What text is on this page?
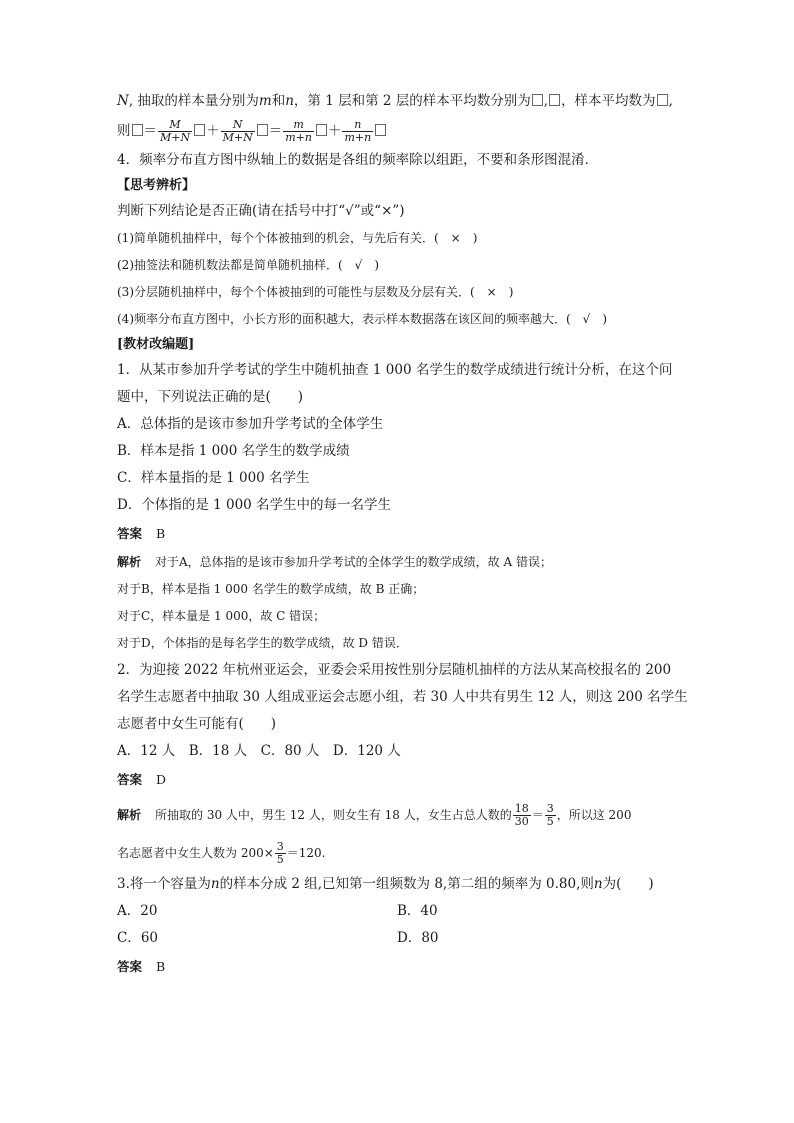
N, 抽取的样本量分别为m和n，第 1 层和第 2 层的样本平均数分别为 , ，样本平均数为 ,
则 ＝ $\frac{M}{M+N} + \frac{N}{M+N} = \frac{m}{m+n} + \frac{n}{m+n}$
4．频率分布直方图中纵轴上的数据是各组的频率除以组距，不要和条形图混淆．
【思考辨析】
判断下列结论是否正确(请在括号中打“√”或“×”)
(1)简单随机抽样中，每个个体被抽到的机会，与先后有关．(　×　)
(2)抽签法和随机数法都是简单随机抽样．(　√　)
(3)分层随机抽样中，每个个体被抽到的可能性与层数及分层有关．(　×　)
(4)频率分布直方图中，小长方形的面积越大，表示样本数据落在该区间的频率越大．(　√　)
[教材改编题]
1．从某市参加升学考试的学生中随机抽查 1 000 名学生的数学成绩进行统计分析，在这个问
题中，下列说法正确的是(　　)
A．总体指的是该市参加升学考试的全体学生
B．样本是指 1 000 名学生的数学成绩
C．样本量指的是 1 000 名学生
D．个体指的是 1 000 名学生中的每一名学生
答案 B
解析 对于A，总体指的是该市参加升学考试的全体学生的数学成绩，故 A 错误；
对于B，样本是指 1 000 名学生的数学成绩，故 B 正确；
对于C，样本量是 1 000，故 C 错误；
对于D，个体指的是每名学生的数学成绩，故 D 错误．
2．为迎接 2022 年杭州亚运会，亚委会采用按性别分层随机抽样的方法从某高校报名的 200
名学生志愿者中抽取 30 人组成亚运会志愿小组，若 30 人中共有男生 12 人，则这 200 名学生
志愿者中女生可能有(　　)
A．12 人　B．18 人　C．80 人　D．120 人
答案 D
解析 所抽取的 30 人中，男生 12 人，则女生有 18 人，女生占总人数的 $\frac{18}{30} = \frac{3}{5}$ ，所以这 200
名志愿者中女生人数为 $200\times \frac{3}{5} =120$.
3.将一个容量为n的样本分成 2 组,已知第一组频数为 8,第二组的频率为 0.80,则n为(　　)
A．20	B．40
C．60	D．80
答案 B
